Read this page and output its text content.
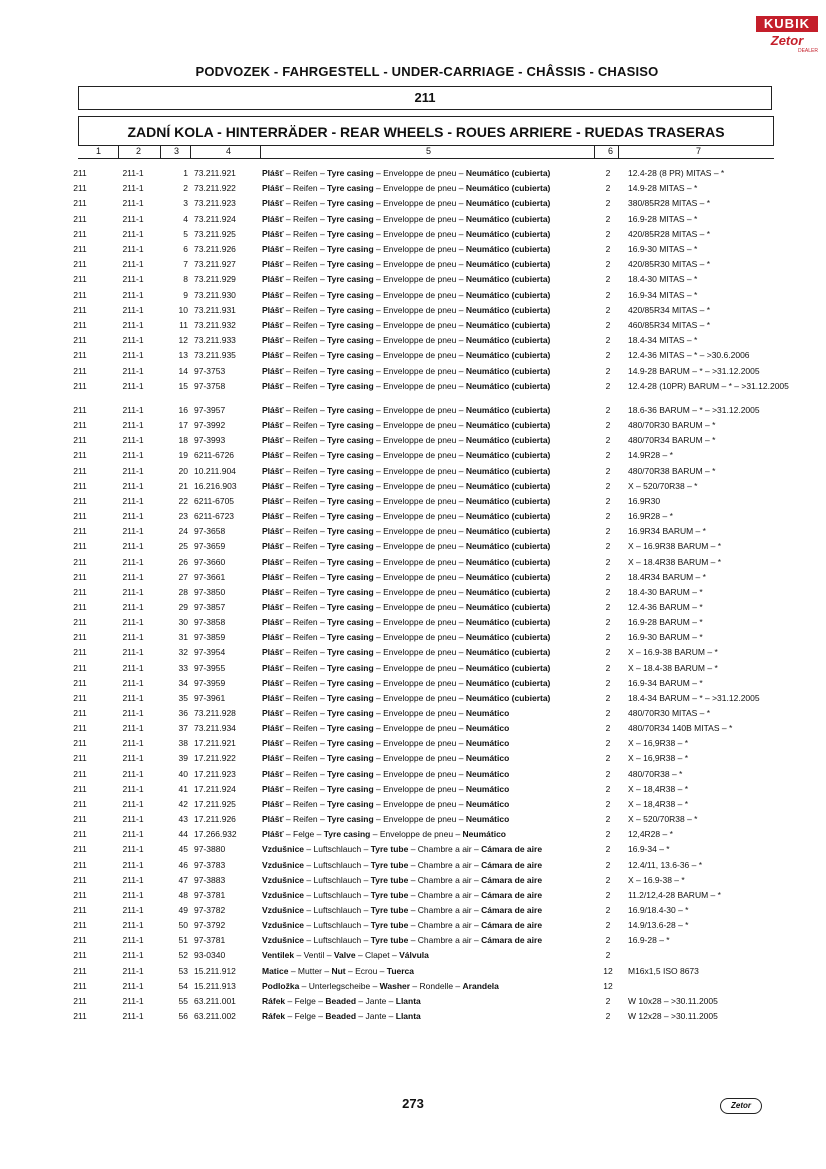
KUBIK
Zetor
DEALER
PODVOZEK - FAHRGESTELL - UNDER-CARRIAGE - CHÂSSIS - CHASISO
211
ZADNÍ KOLA - HINTERRÄDER - REAR WHEELS - ROUES ARRIERE - RUEDAS TRASERAS
1	2	3	4	5	6	7
211	211-1	1 73.211.921	Plášť – Reifen – Tyre casing – Enveloppe de pneu – Neumático (cubierta)	2	12.4-28 (8 PR) MITAS – *
211	211-1	2 73.211.922	Plášť – Reifen – Tyre casing – Enveloppe de pneu – Neumático (cubierta)	2	14.9-28 MITAS – *
211	211-1	3 73.211.923	Plášť – Reifen – Tyre casing – Enveloppe de pneu – Neumático (cubierta)	2	380/85R28 MITAS – *
211	211-1	4 73.211.924	Plášť – Reifen – Tyre casing – Enveloppe de pneu – Neumático (cubierta)	2	16.9-28 MITAS – *
211	211-1	5 73.211.925	Plášť – Reifen – Tyre casing – Enveloppe de pneu – Neumático (cubierta)	2	420/85R28 MITAS – *
211	211-1	6 73.211.926	Plášť – Reifen – Tyre casing – Enveloppe de pneu – Neumático (cubierta)	2	16.9-30 MITAS – *
211	211-1	7 73.211.927	Plášť – Reifen – Tyre casing – Enveloppe de pneu – Neumático (cubierta)	2	420/85R30 MITAS – *
211	211-1	8 73.211.929	Plášť – Reifen – Tyre casing – Enveloppe de pneu – Neumático (cubierta)	2	18.4-30 MITAS – *
211	211-1	9 73.211.930	Plášť – Reifen – Tyre casing – Enveloppe de pneu – Neumático (cubierta)	2	16.9-34 MITAS – *
211	211-1	10 73.211.931	Plášť – Reifen – Tyre casing – Enveloppe de pneu – Neumático (cubierta)	2	420/85R34 MITAS – *
211	211-1	11 73.211.932	Plášť – Reifen – Tyre casing – Enveloppe de pneu – Neumático (cubierta)	2	460/85R34 MITAS – *
211	211-1	12 73.211.933	Plášť – Reifen – Tyre casing – Enveloppe de pneu – Neumático (cubierta)	2	18.4-34 MITAS – *
211	211-1	13 73.211.935	Plášť – Reifen – Tyre casing – Enveloppe de pneu – Neumático (cubierta)	2	12.4-36 MITAS – * – >30.6.2006
211	211-1	14 97-3753	Plášť – Reifen – Tyre casing – Enveloppe de pneu – Neumático (cubierta)	2	14.9-28 BARUM – * – >31.12.2005
211	211-1	15 97-3758	Plášť – Reifen – Tyre casing – Enveloppe de pneu – Neumático (cubierta)	2	12.4-28 (10PR) BARUM – * – >31.12.2005
211	211-1	16 97-3957	Plášť – Reifen – Tyre casing – Enveloppe de pneu – Neumático (cubierta)	2	18.6-36 BARUM – * – >31.12.2005
211	211-1	17 97-3992	Plášť – Reifen – Tyre casing – Enveloppe de pneu – Neumático (cubierta)	2	480/70R30 BARUM – *
211	211-1	18 97-3993	Plášť – Reifen – Tyre casing – Enveloppe de pneu – Neumático (cubierta)	2	480/70R34 BARUM – *
211	211-1	19 6211-6726	Plášť – Reifen – Tyre casing – Enveloppe de pneu – Neumático (cubierta)	2	14.9R28 – *
211	211-1	20 10.211.904	Plášť – Reifen – Tyre casing – Enveloppe de pneu – Neumático (cubierta)	2	480/70R38 BARUM – *
211	211-1	21 16.216.903	Plášť – Reifen – Tyre casing – Enveloppe de pneu – Neumático (cubierta)	2	X – 520/70R38 – *
211	211-1	22 6211-6705	Plášť – Reifen – Tyre casing – Enveloppe de pneu – Neumático (cubierta)	2	16.9R30
211	211-1	23 6211-6723	Plášť – Reifen – Tyre casing – Enveloppe de pneu – Neumático (cubierta)	2	16.9R28 – *
211	211-1	24 97-3658	Plášť – Reifen – Tyre casing – Enveloppe de pneu – Neumático (cubierta)	2	16.9R34 BARUM – *
211	211-1	25 97-3659	Plášť – Reifen – Tyre casing – Enveloppe de pneu – Neumático (cubierta)	2	X – 16.9R38 BARUM – *
211	211-1	26 97-3660	Plášť – Reifen – Tyre casing – Enveloppe de pneu – Neumático (cubierta)	2	X – 18.4R38 BARUM – *
211	211-1	27 97-3661	Plášť – Reifen – Tyre casing – Enveloppe de pneu – Neumático (cubierta)	2	18.4R34 BARUM – *
211	211-1	28 97-3850	Plášť – Reifen – Tyre casing – Enveloppe de pneu – Neumático (cubierta)	2	18.4-30 BARUM – *
211	211-1	29 97-3857	Plášť – Reifen – Tyre casing – Enveloppe de pneu – Neumático (cubierta)	2	12.4-36 BARUM – *
211	211-1	30 97-3858	Plášť – Reifen – Tyre casing – Enveloppe de pneu – Neumático (cubierta)	2	16.9-28 BARUM – *
211	211-1	31 97-3859	Plášť – Reifen – Tyre casing – Enveloppe de pneu – Neumático (cubierta)	2	16.9-30 BARUM – *
211	211-1	32 97-3954	Plášť – Reifen – Tyre casing – Enveloppe de pneu – Neumático (cubierta)	2	X – 16.9-38 BARUM – *
211	211-1	33 97-3955	Plášť – Reifen – Tyre casing – Enveloppe de pneu – Neumático (cubierta)	2	X – 18.4-38 BARUM – *
211	211-1	34 97-3959	Plášť – Reifen – Tyre casing – Enveloppe de pneu – Neumático (cubierta)	2	16.9-34 BARUM – *
211	211-1	35 97-3961	Plášť – Reifen – Tyre casing – Enveloppe de pneu – Neumático (cubierta)	2	18.4-34 BARUM – * – >31.12.2005
211	211-1	36 73.211.928	Plášť – Reifen – Tyre casing – Enveloppe de pneu – Neumático	2	480/70R30 MITAS – *
211	211-1	37 73.211.934	Plášť – Reifen – Tyre casing – Enveloppe de pneu – Neumático	2	480/70R34 140B MITAS – *
211	211-1	38 17.211.921	Plášť – Reifen – Tyre casing – Enveloppe de pneu – Neumático	2	X – 16,9R38 – *
211	211-1	39 17.211.922	Plášť – Reifen – Tyre casing – Enveloppe de pneu – Neumático	2	X – 16,9R38 – *
211	211-1	40 17.211.923	Plášť – Reifen – Tyre casing – Enveloppe de pneu – Neumático	2	480/70R38 – *
211	211-1	41 17.211.924	Plášť – Reifen – Tyre casing – Enveloppe de pneu – Neumático	2	X – 18,4R38 – *
211	211-1	42 17.211.925	Plášť – Reifen – Tyre casing – Enveloppe de pneu – Neumático	2	X – 18,4R38 – *
211	211-1	43 17.211.926	Plášť – Reifen – Tyre casing – Enveloppe de pneu – Neumático	2	X – 520/70R38 – *
211	211-1	44 17.266.932	Plášť – Felge – Tyre casing – Enveloppe de pneu – Neumático	2	12,4R28 – *
211	211-1	45 97-3880	Vzdušnice – Luftschlauch – Tyre tube – Chambre a air – Cámara de aire	2	16.9-34 – *
211	211-1	46 97-3783	Vzdušnice – Luftschlauch – Tyre tube – Chambre a air – Cámara de aire	2	12.4/11, 13.6-36 – *
211	211-1	47 97-3883	Vzdušnice – Luftschlauch – Tyre tube – Chambre a air – Cámara de aire	2	X – 16.9-38 – *
211	211-1	48 97-3781	Vzdušnice – Luftschlauch – Tyre tube – Chambre a air – Cámara de aire	2	11.2/12,4-28 BARUM – *
211	211-1	49 97-3782	Vzdušnice – Luftschlauch – Tyre tube – Chambre a air – Cámara de aire	2	16.9/18.4-30 – *
211	211-1	50 97-3792	Vzdušnice – Luftschlauch – Tyre tube – Chambre a air – Cámara de aire	2	14.9/13.6-28 – *
211	211-1	51 97-3781	Vzdušnice – Luftschlauch – Tyre tube – Chambre a air – Cámara de aire	2	16.9-28 – *
211	211-1	52 93-0340	Ventilek – Ventil – Valve – Clapet – Válvula	2
211	211-1	53 15.211.912	Matice – Mutter – Nut – Ecrou – Tuerca	12	M16x1,5 ISO 8673
211	211-1	54 15.211.913	Podložka – Unterlegscheibe – Washer – Rondelle – Arandela	12
211	211-1	55 63.211.001	Ráfek – Felge – Beaded – Jante – Llanta	2	W 10x28 – >30.11.2005
211	211-1	56 63.211.002	Ráfek – Felge – Beaded – Jante – Llanta	2	W 12x28 – >30.11.2005
273	Zetor
